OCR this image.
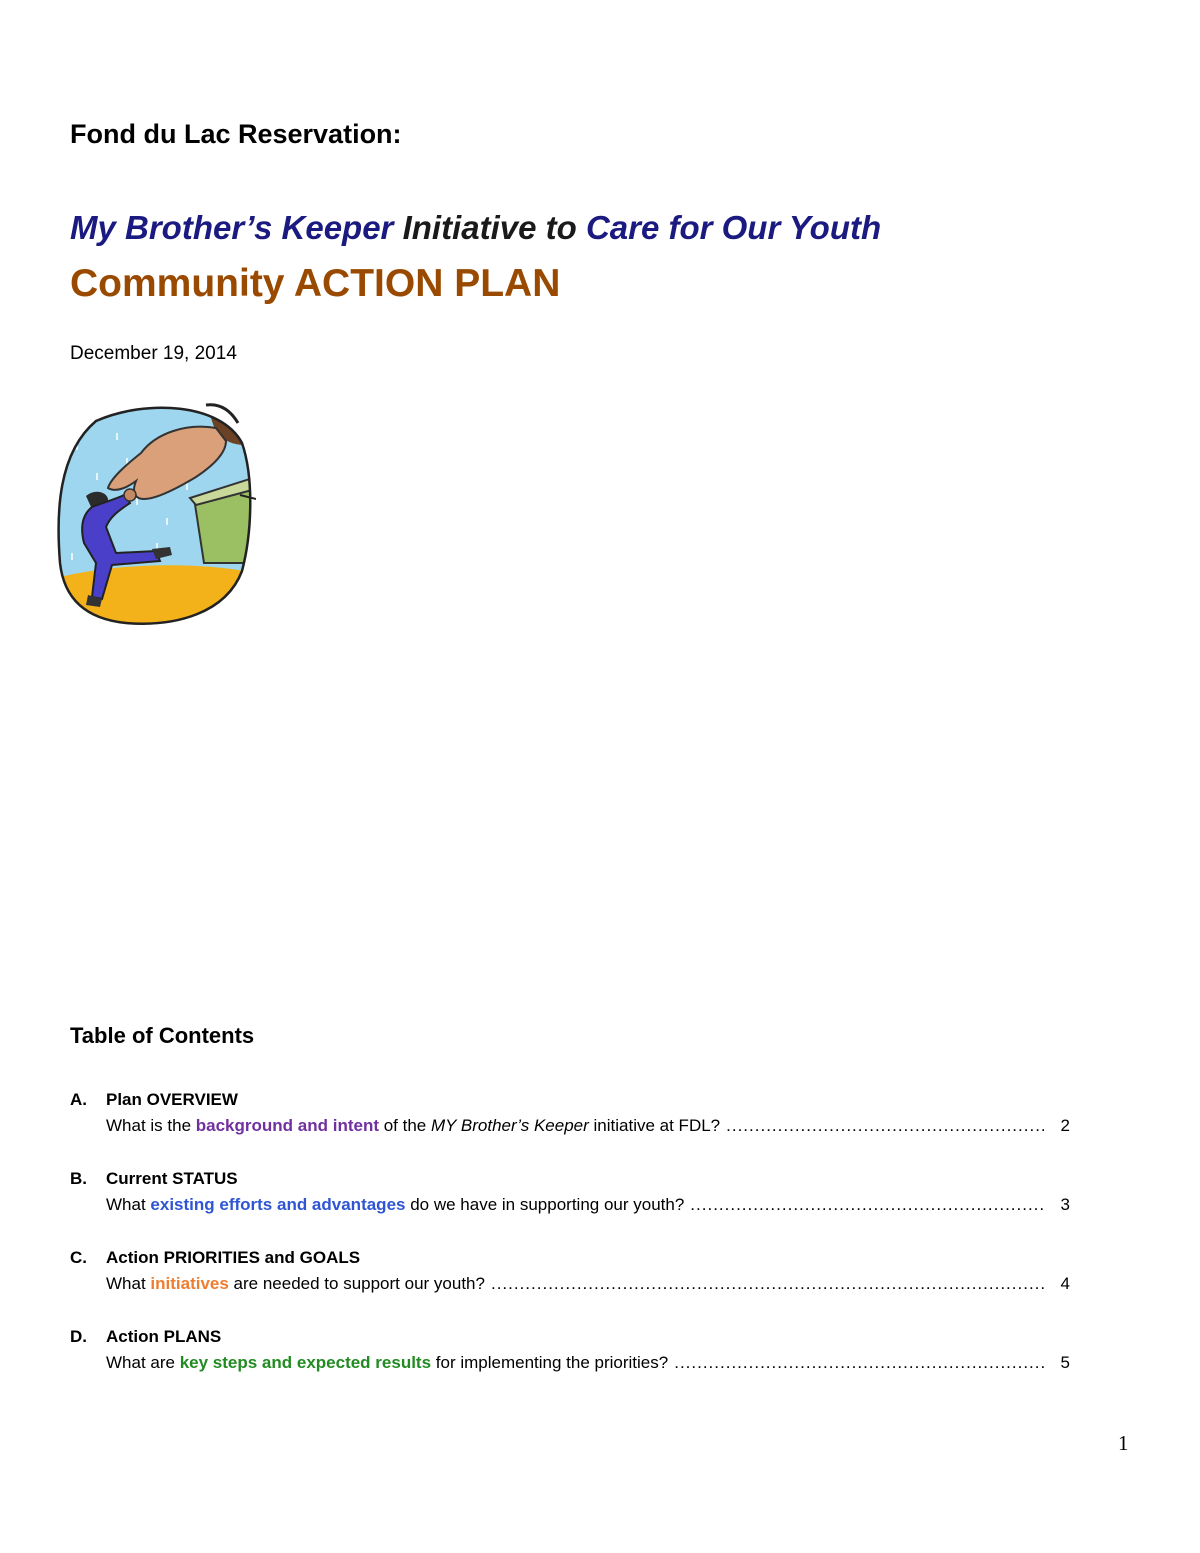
Fond du Lac Reservation:
My Brother’s Keeper Initiative to Care for Our Youth
Community ACTION PLAN
December 19, 2014
Table of Contents
A. Plan OVERVIEW
What is the background and intent of the MY Brother’s Keeper initiative at FDL? .....	2
B. Current STATUS
What existing efforts and advantages do we have in supporting our youth? .....	3
C. Action PRIORITIES and GOALS
What initiatives are needed to support our youth? .....	4
D. Action PLANS
What are key steps and expected results for implementing the priorities? .....	5
1
